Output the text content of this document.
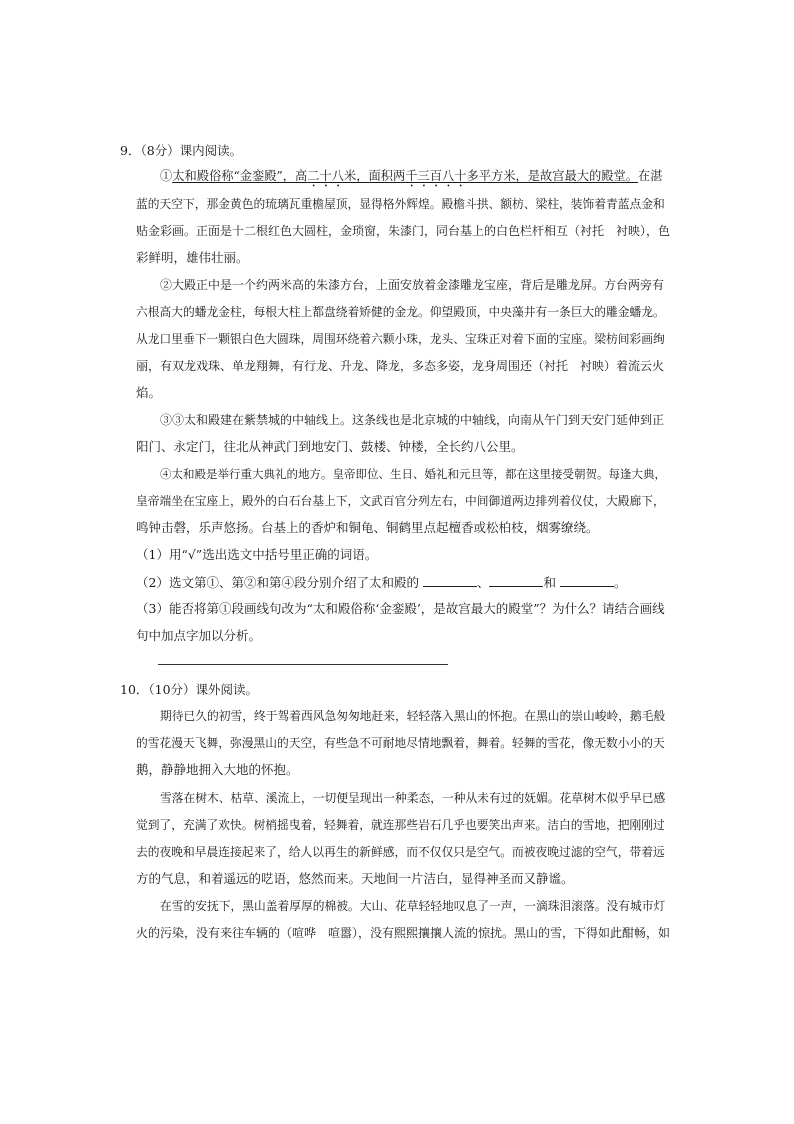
9．（8分）课内阅读。
①太和殿俗称“金銮殿”，高二十八米，面积两千三百八十多平方米，是故宫最大的殿堂。在湛
蓝的天空下，那金黄色的琉璃瓦重檐屋顶，显得格外辉煌。殿檐斗拱、额枋、梁柱，装饰着青蓝点金和
贴金彩画。正面是十二根红色大圆柱，金琐窗，朱漆门，同台基上的白色栏杆相互（衬托　衬映），色
彩鲜明，雄伟壮丽。
②大殿正中是一个约两米高的朱漆方台，上面安放着金漆雕龙宝座，背后是雕龙屏。方台两旁有
六根高大的蟠龙金柱，每根大柱上都盘绕着矫健的金龙。仰望殿顶，中央藻井有一条巨大的雕金蟠龙。
从龙口里垂下一颗银白色大圆珠，周围环绕着六颗小珠，龙头、宝珠正对着下面的宝座。梁枋间彩画绚
丽，有双龙戏珠、单龙翔舞，有行龙、升龙、降龙，多态多姿，龙身周围还（衬托　衬映）着流云火
焰。
③③太和殿建在紫禁城的中轴线上。这条线也是北京城的中轴线，向南从午门到天安门延伸到正
阳门、永定门，往北从神武门到地安门、鼓楼、钟楼，全长约八公里。
④太和殿是举行重大典礼的地方。皇帝即位、生日、婚礼和元旦等，都在这里接受朝贺。每逢大典，
皇帝端坐在宝座上，殿外的白石台基上下，文武百官分列左右，中间御道两边排列着仪仗，大殿廊下，
鸣钟击磬，乐声悠扬。台基上的香炉和铜龟、铜鹤里点起檀香或松柏枝，烟雾缭绕。
（1）用“√”选出选文中括号里正确的词语。
（2）选文第①、第②和第④段分别介绍了太和殿的	、	和	。
（3）能否将第①段画线句改为“太和殿俗称‘金銮殿’，是故宫最大的殿堂”？为什么？请结合画线
句中加点字加以分析。
10．（10分）课外阅读。
期待已久的初雪，终于驾着西风急匆匆地赶来，轻轻落入黑山的怀抱。在黑山的崇山峻岭，鹅毛般
的雪花漫天飞舞，弥漫黑山的天空，有些急不可耐地尽情地飘着，舞着。轻舞的雪花，像无数小小的天
鹅，静静地拥入大地的怀抱。
雪落在树木、枯草、溪流上，一切便呈现出一种柔态，一种从未有过的妩媚。花草树木似乎早已感
觉到了，充满了欢快。树梢摇曳着，轻舞着，就连那些岩石几乎也要笑出声来。洁白的雪地，把刚刚过
去的夜晚和早晨连接起来了，给人以再生的新鲜感，而不仅仅只是空气。而被夜晚过滤的空气，带着远
方的气息，和着遥远的呓语，悠然而来。天地间一片洁白，显得神圣而又静谧。
在雪的安抚下，黑山盖着厚厚的棉被。大山、花草轻轻地叹息了一声，一滴珠泪滚落。没有城市灯
火的污染，没有来往车辆的（喧哗　喧嚣），没有熙熙攘攘人流的惊扰。黑山的雪，下得如此酣畅，如
